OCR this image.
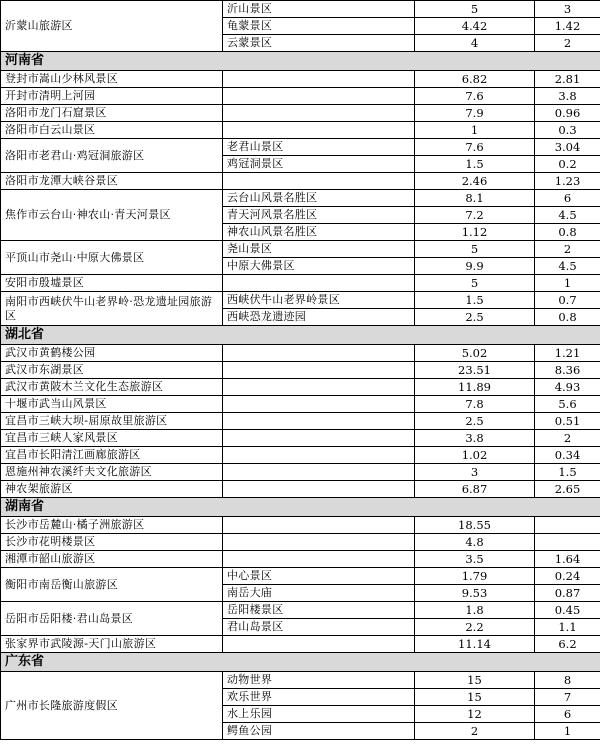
沂蒙山旅游区	沂山景区	5	3
	龟蒙景区	4.42	1.42
	云蒙景区	4	2
河南省			
登封市嵩山少林风景区		6.82	2.81
开封市清明上河园		7.6	3.8
洛阳市龙门石窟景区		7.9	0.96
洛阳市白云山景区		1	0.3
洛阳市老君山·鸡冠洞旅游区	老君山景区	7.6	3.04
	鸡冠洞景区	1.5	0.2
洛阳市龙潭大峡谷景区		2.46	1.23
焦作市云台山·神农山·青天河景区	云台山风景名胜区	8.1	6
	青天河风景名胜区	7.2	4.5
	神农山风景名胜区	1.12	0.8
平顶山市尧山·中原大佛景区	尧山景区	5	2
	中原大佛景区	9.9	4.5
安阳市殷墟景区		5	1
南阳市西峡伏牛山老界岭·恐龙遗址园旅游区	西峡伏牛山老界岭景区	1.5	0.7
	西峡恐龙遗迹园	2.5	0.8
湖北省			
武汉市黄鹤楼公园		5.02	1.21
武汉市东湖景区		23.51	8.36
武汉市黄陂木兰文化生态旅游区		11.89	4.93
十堰市武当山风景区		7.8	5.6
宜昌市三峡大坝-屈原故里旅游区		2.5	0.51
宜昌市三峡人家风景区		3.8	2
宜昌市长阳清江画廊旅游区		1.02	0.34
恩施州神农溪纤夫文化旅游区		3	1.5
神农架旅游区		6.87	2.65
湖南省			
长沙市岳麓山·橘子洲旅游区		18.55	
长沙市花明楼景区		4.8	
湘潭市韶山旅游区		3.5	1.64
衡阳市南岳衡山旅游区	中心景区	1.79	0.24
	南岳大庙	9.53	0.87
岳阳市岳阳楼·君山岛景区	岳阳楼景区	1.8	0.45
	君山岛景区	2.2	1.1
张家界市武陵源-天门山旅游区		11.14	6.2
广东省			
广州市长隆旅游度假区	动物世界	15	8
	欢乐世界	15	7
	水上乐园	12	6
	鳄鱼公园	2	1
